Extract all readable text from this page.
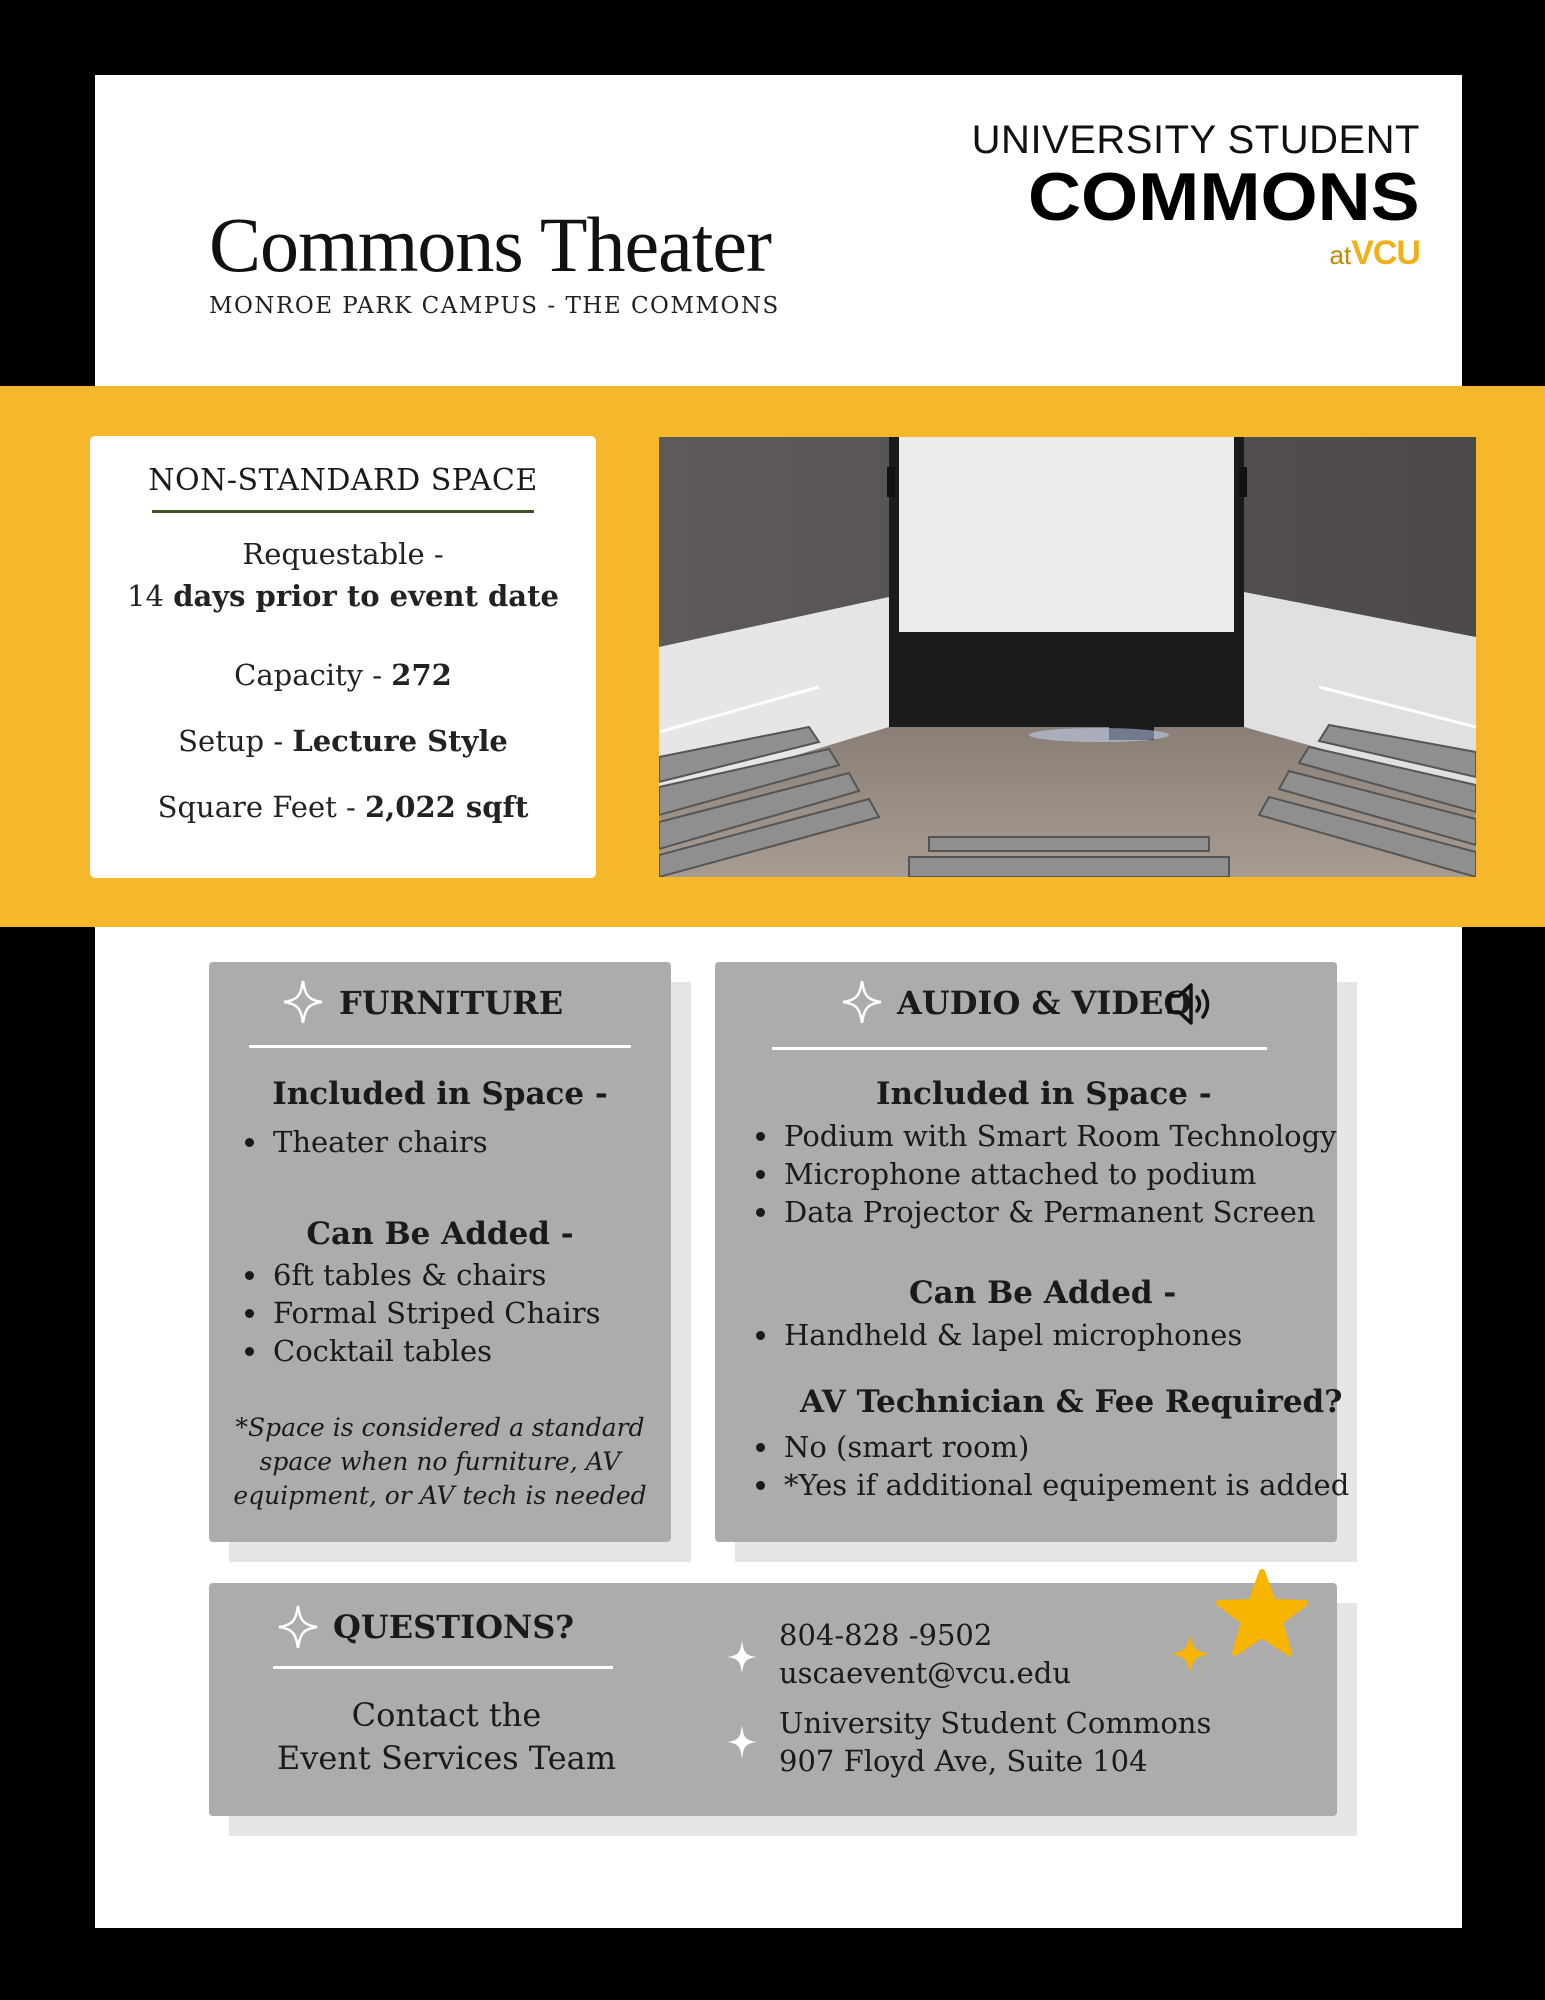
Commons Theater
MONROE PARK CAMPUS - THE COMMONS
UNIVERSITY STUDENT
COMMONS
atVCU
NON-STANDARD SPACE
Requestable -
14 days prior to event date
Capacity - 272
Setup - Lecture Style
Square Feet - 2,022 sqft
FURNITURE
Included in Space -
Theater chairs
Can Be Added -
6ft tables & chairs
Formal Striped Chairs
Cocktail tables
*Space is considered a standard
space when no furniture, AV
equipment, or AV tech is needed
AUDIO & VIDEO
Included in Space -
Podium with Smart Room Technology
Microphone attached to podium
Data Projector & Permanent Screen
Can Be Added -
Handheld & lapel microphones
AV Technician & Fee Required?
No (smart room)
*Yes if additional equipement is added
QUESTIONS?
Contact the
Event Services Team
804-828 -9502
uscaevent@vcu.edu
University Student Commons
907 Floyd Ave, Suite 104
